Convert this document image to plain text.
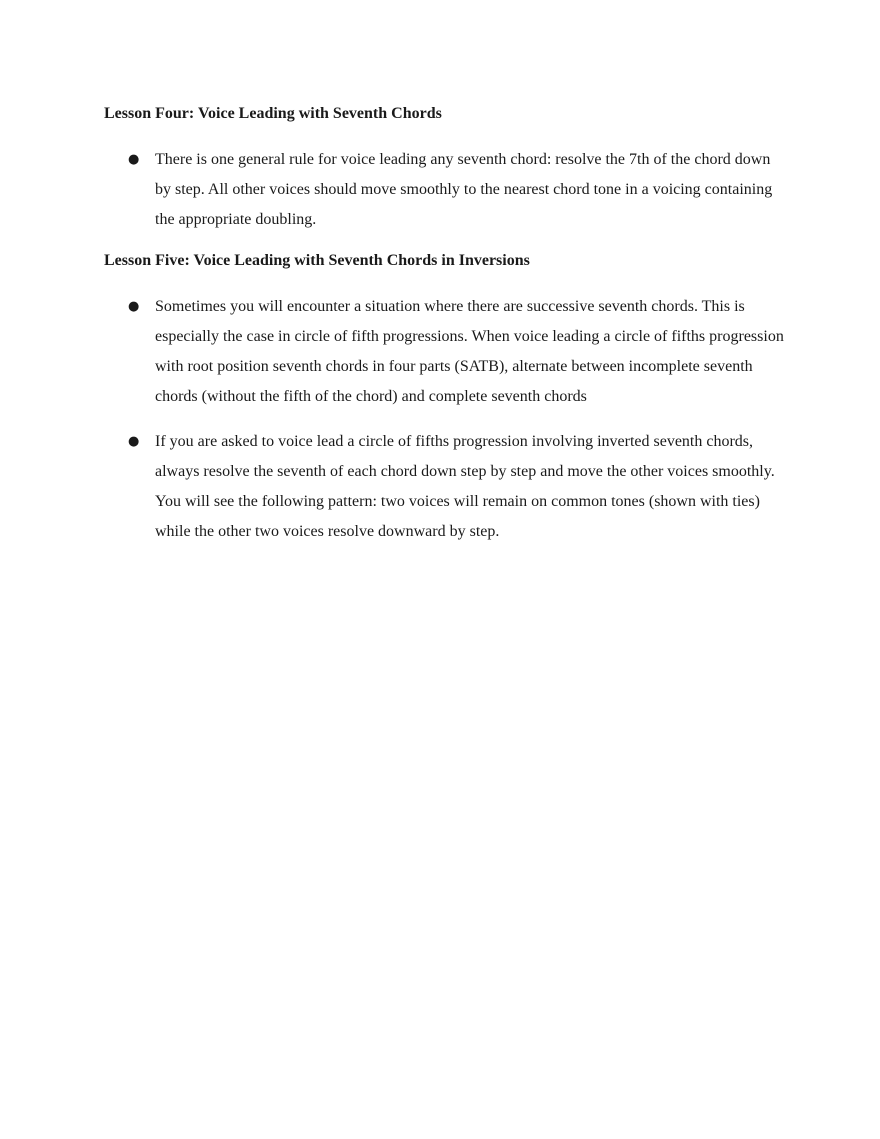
Lesson Four: Voice Leading with Seventh Chords
● There is one general rule for voice leading any seventh chord: resolve the 7th of the chord down by step. All other voices should move smoothly to the nearest chord tone in a voicing containing the appropriate doubling.
Lesson Five: Voice Leading with Seventh Chords in Inversions
● Sometimes you will encounter a situation where there are successive seventh chords. This is especially the case in circle of fifth progressions. When voice leading a circle of fifths progression with root position seventh chords in four parts (SATB), alternate between incomplete seventh chords (without the fifth of the chord) and complete seventh chords
● If you are asked to voice lead a circle of fifths progression involving inverted seventh chords, always resolve the seventh of each chord down step by step and move the other voices smoothly. You will see the following pattern: two voices will remain on common tones (shown with ties) while the other two voices resolve downward by step.
